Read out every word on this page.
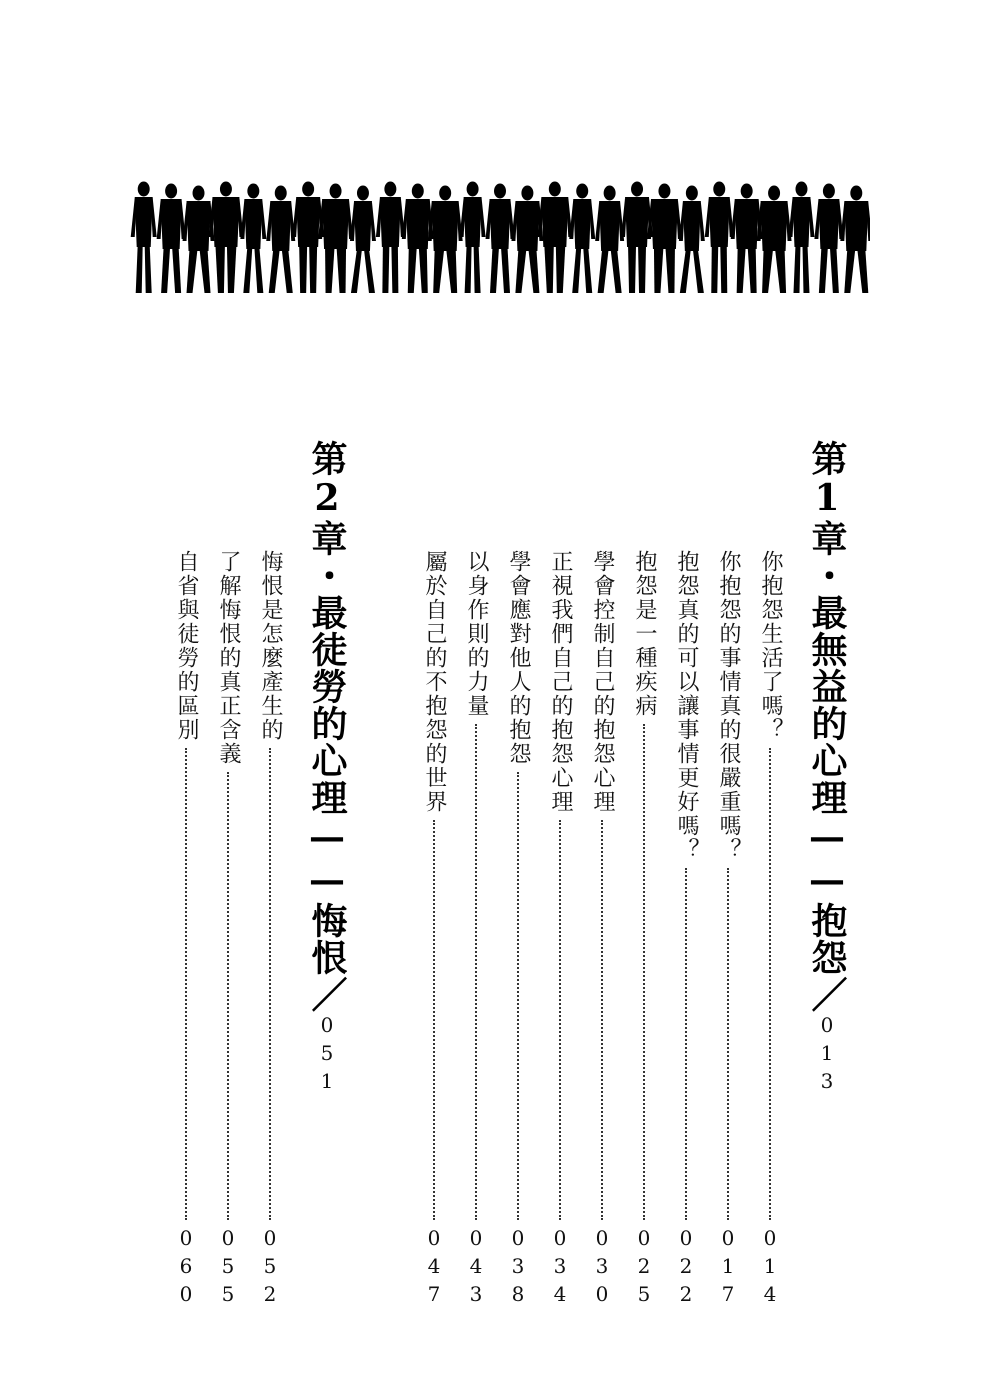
第1章・最無益的心理——抱怨／013
你抱怨生活了嗎？
014
你抱怨的事情真的很嚴重嗎？
017
抱怨真的可以讓事情更好嗎？
022
抱怨是一種疾病
025
學會控制自己的抱怨心理
030
正視我們自己的抱怨心理
034
學會應對他人的抱怨
038
以身作則的力量
043
屬於自己的不抱怨的世界
047
第2章・最徒勞的心理——悔恨／051
悔恨是怎麼產生的
052
了解悔恨的真正含義
055
自省與徒勞的區別
060
